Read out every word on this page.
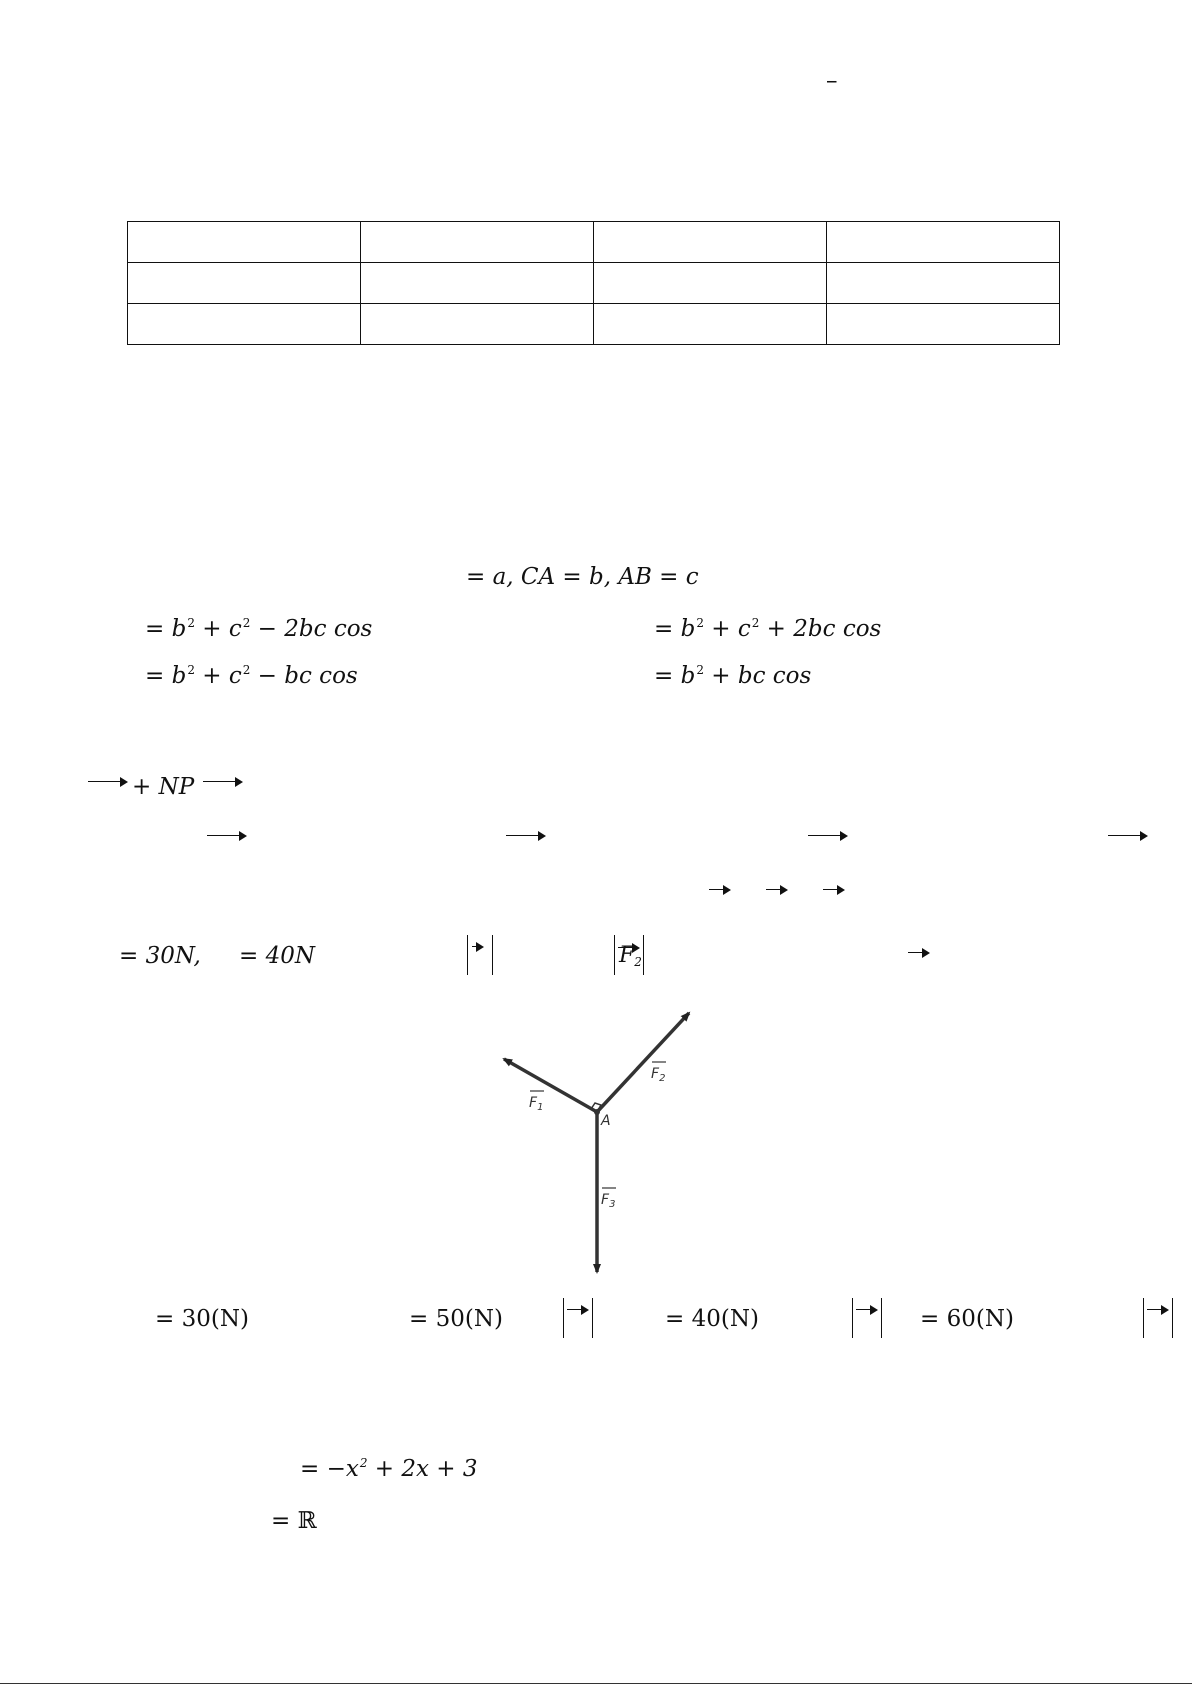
–

= a, CA = b, AB = c
= $b^2 + c^2 - 2bc$ cos	= $b^2 + c^2 + 2bc$ cos
= $b^2 + c^2$ − bc cos	= $b^2$ + bc cos

+ NP

= 30N,	$F_2$

= 40N
A
$F_1$
$F_2$
$F_3$

= 30(N)
	= 50(N)
	= 40(N)	= 60(N)
= $-x^2 + 2x + 3$
= ℝ
